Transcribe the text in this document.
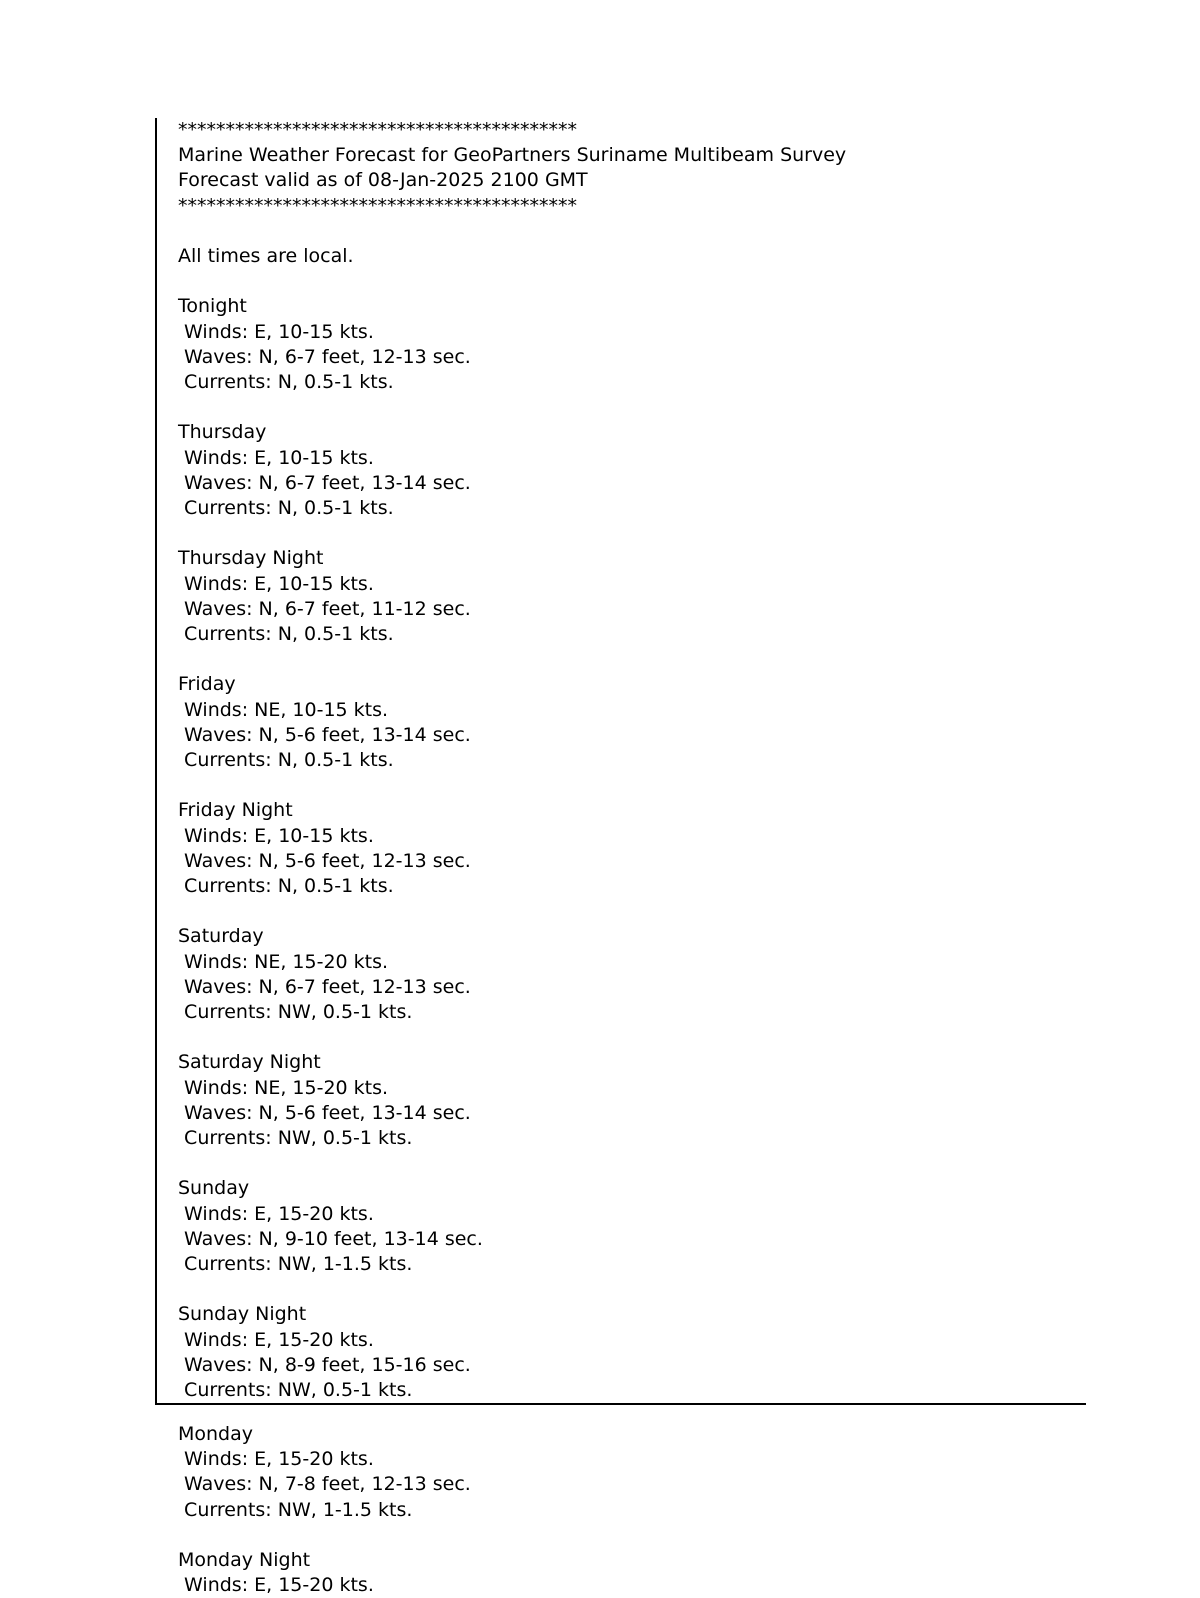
******************************************
Marine Weather Forecast for GeoPartners Suriname Multibeam Survey
Forecast valid as of 08-Jan-2025 2100 GMT
******************************************
All times are local.
Tonight
Winds: E, 10-15 kts.
Waves: N, 6-7 feet, 12-13 sec.
Currents: N, 0.5-1 kts.
Thursday
Winds: E, 10-15 kts.
Waves: N, 6-7 feet, 13-14 sec.
Currents: N, 0.5-1 kts.
Thursday Night
Winds: E, 10-15 kts.
Waves: N, 6-7 feet, 11-12 sec.
Currents: N, 0.5-1 kts.
Friday
Winds: NE, 10-15 kts.
Waves: N, 5-6 feet, 13-14 sec.
Currents: N, 0.5-1 kts.
Friday Night
Winds: E, 10-15 kts.
Waves: N, 5-6 feet, 12-13 sec.
Currents: N, 0.5-1 kts.
Saturday
Winds: NE, 15-20 kts.
Waves: N, 6-7 feet, 12-13 sec.
Currents: NW, 0.5-1 kts.
Saturday Night
Winds: NE, 15-20 kts.
Waves: N, 5-6 feet, 13-14 sec.
Currents: NW, 0.5-1 kts.
Sunday
Winds: E, 15-20 kts.
Waves: N, 9-10 feet, 13-14 sec.
Currents: NW, 1-1.5 kts.
Sunday Night
Winds: E, 15-20 kts.
Waves: N, 8-9 feet, 15-16 sec.
Currents: NW, 0.5-1 kts.
Monday
Winds: E, 15-20 kts.
Waves: N, 7-8 feet, 12-13 sec.
Currents: NW, 1-1.5 kts.
Monday Night
Winds: E, 15-20 kts.
